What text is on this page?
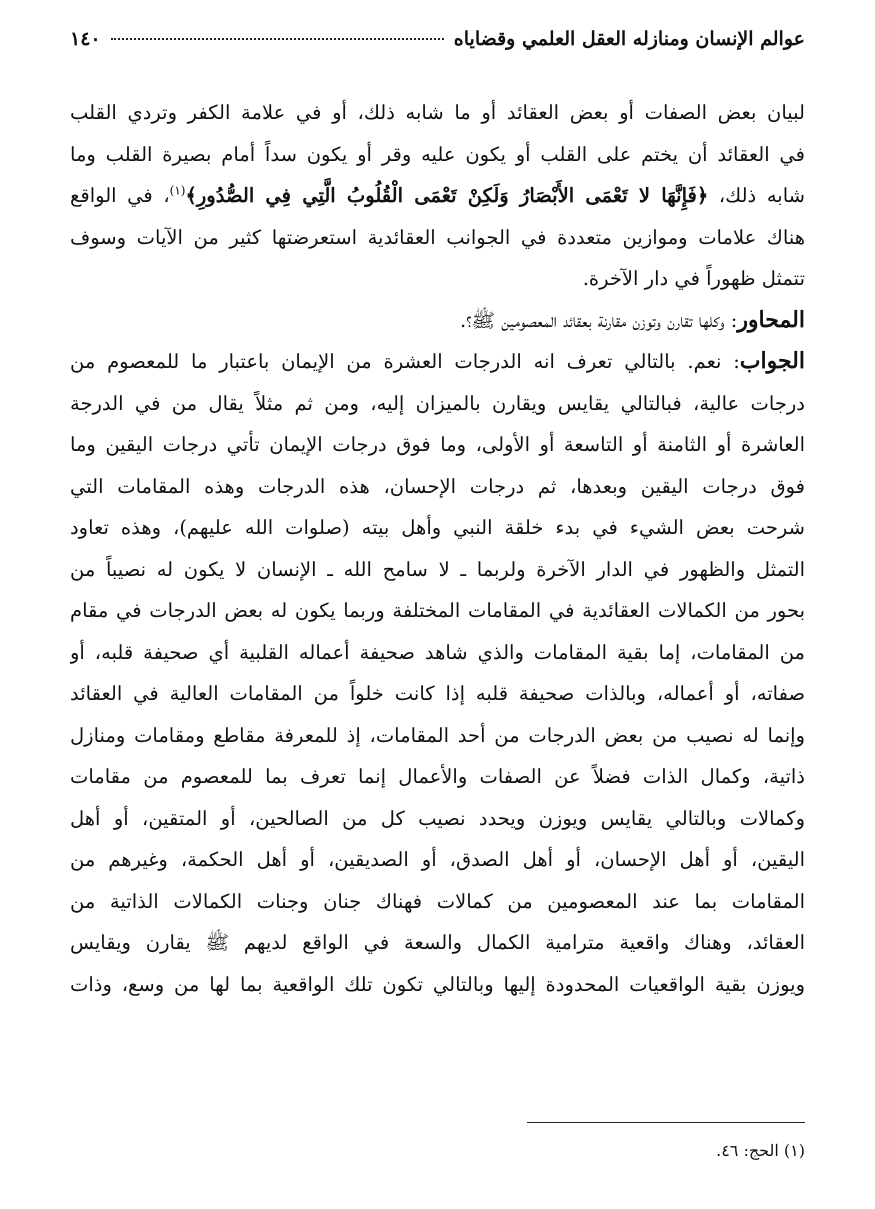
عوالم الإنسان ومنازله العقل العلمي وقضاياه
١٤٠
لبيان بعض الصفات أو بعض العقائد أو ما شابه ذلك، أو في علامة الكفر وتردي القلب
في العقائد أن يختم على القلب أو يكون عليه وقر أو يكون سداً أمام بصيرة القلب وما
شابه ذلك، ﴿فَإِنَّهَا لا تَعْمَى الأَبْصَارُ وَلَكِنْ تَعْمَى الْقُلُوبُ الَّتِي فِي الصُّدُورِ﴾$^{(١)}$، في الواقع
هناك علامات وموازين متعددة في الجوانب العقائدية استعرضتها كثير من الآيات وسوف
تتمثل ظهوراً في دار الآخرة.
المحاور: وكلها تقارن وتوزن مقارنة بعقائد المعصومين ﷺ؟.
الجواب: نعم. بالتالي تعرف انه الدرجات العشرة من الإيمان باعتبار ما للمعصوم من
درجات عالية، فبالتالي يقايس ويقارن بالميزان إليه، ومن ثم مثلاً يقال من في الدرجة
العاشرة أو الثامنة أو التاسعة أو الأولى، وما فوق درجات الإيمان تأتي درجات اليقين وما
فوق درجات اليقين وبعدها، ثم درجات الإحسان، هذه الدرجات وهذه المقامات التي
شرحت بعض الشيء في بدء خلقة النبي وأهل بيته (صلوات الله عليهم)، وهذه تعاود
التمثل والظهور في الدار الآخرة ولربما ـ لا سامح الله ـ الإنسان لا يكون له نصيباً من
بحور من الكمالات العقائدية في المقامات المختلفة وربما يكون له بعض الدرجات في مقام
من المقامات، إما بقية المقامات والذي شاهد صحيفة أعماله القلبية أي صحيفة قلبه، أو
صفاته، أو أعماله، وبالذات صحيفة قلبه إذا كانت خلواً من المقامات العالية في العقائد
وإنما له نصيب من بعض الدرجات من أحد المقامات، إذ للمعرفة مقاطع ومقامات ومنازل
ذاتية، وكمال الذات فضلاً عن الصفات والأعمال إنما تعرف بما للمعصوم من مقامات
وكمالات وبالتالي يقايس ويوزن ويحدد نصيب كل من الصالحين، أو المتقين، أو أهل
اليقين، أو أهل الإحسان، أو أهل الصدق، أو الصديقين، أو أهل الحكمة، وغيرهم من
المقامات بما عند المعصومين من كمالات فهناك جنان وجنات الكمالات الذاتية من
العقائد، وهناك واقعية مترامية الكمال والسعة في الواقع لديهم ﷺ يقارن ويقايس
ويوزن بقية الواقعيات المحدودة إليها وبالتالي تكون تلك الواقعية بما لها من وسع، وذات
(١) الحج: ٤٦.
